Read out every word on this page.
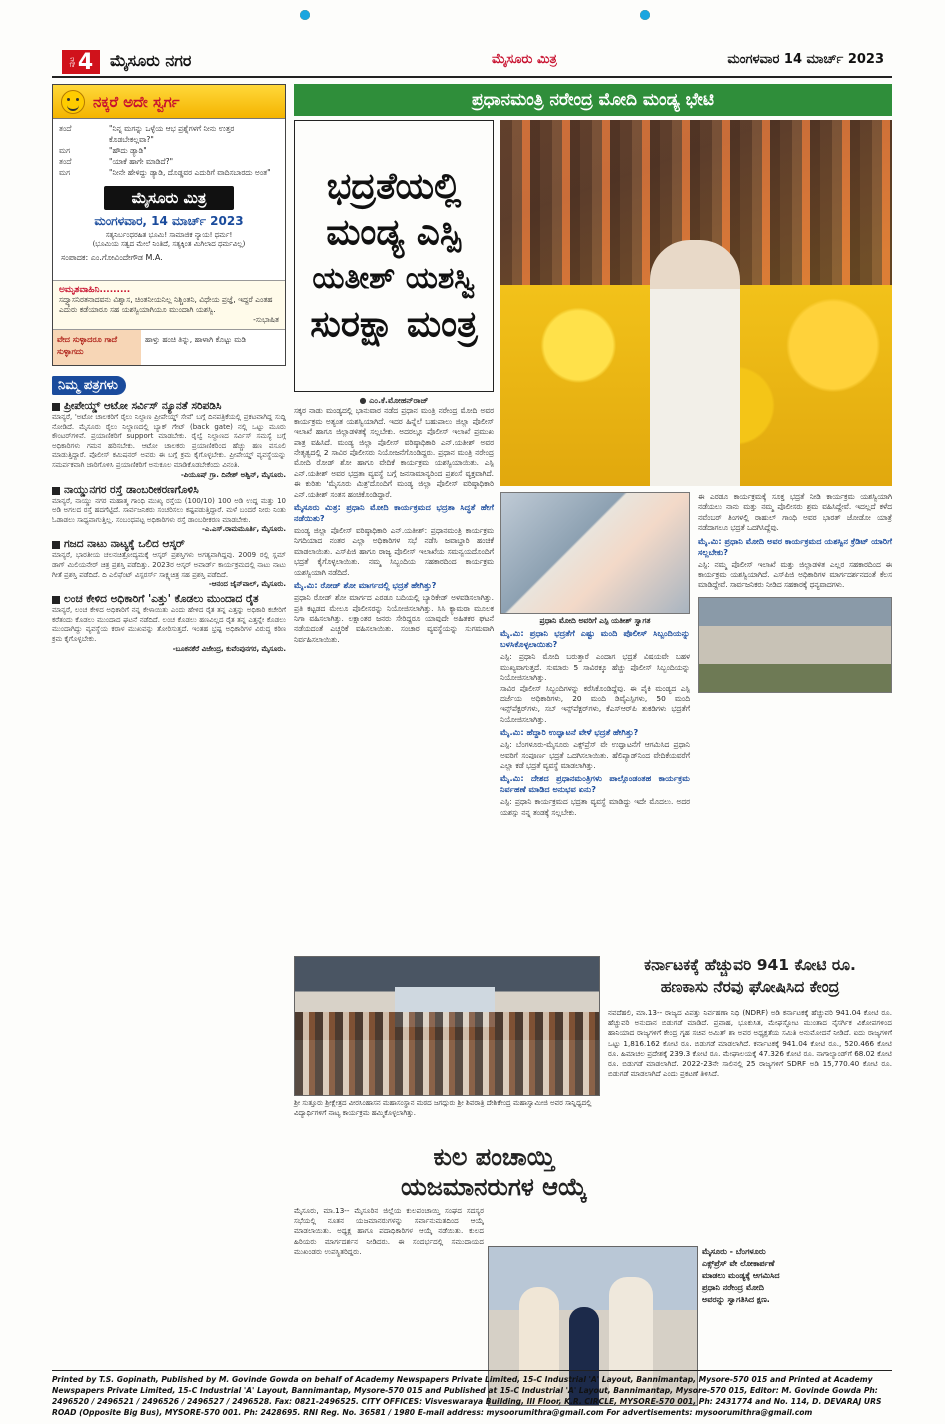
ಪುಟ 4 ಮೈಸೂರು ನಗರ	ಮೈಸೂರು ಮಿತ್ರ	ಮಂಗಳವಾರ 14 ಮಾರ್ಚ್ 2023
ನಕ್ಕರೆ ಅದೇ ಸ್ವರ್ಗ
ತಂದೆ	"ನಿನ್ನ ಮಗನ್ನು ಒಳ್ಳೆಯ ಆಭ ಪ್ರಶ್ನೆಗಳಗೆ ನೀನು ಉತ್ತರ ಕೊಡಬೇಕಲ್ಲವಾ?"
ಮಗ	"ಹೌದು ಡ್ಯಾಡಿ"
ತಂದೆ	"ಯಾಕೆ ಹಾಗೇ ಮಾಡಿದೆ?"
ಮಗ	"ನೀನೇ ಹೇಳಿದ್ದು ಡ್ಯಾಡಿ, ದೊಡ್ಡವರ ಎದುರಿಗೆ ವಾದಿಸಬಾರದು ಅಂತ"
ಮೈಸೂರು ಮಿತ್ರ
ಮಂಗಳವಾರ, 14 ಮಾರ್ಚ್ 2023
ಸತ್ಯನಿರ್ಬಂಧರಹಿತ ಭೂಮಿ! ಸಾಮಾಜಿಕ ನ್ಯಾಯ! ಧರ್ಮ!
(ಭೂಮಿಯ ಸತ್ವದ ಮೇಲೆ ನಿಂತಿದೆ, ಸತ್ಯಕ್ಕಿಂತ ಮಿಗಿಲಾದ ಧರ್ಮವಿಲ್ಲ)
ಸಂಪಾದಕ: ಎಂ.ಗೋವಿಂದೇಗೌಡ M.A.
ಅಮೃತವಾಹಿನಿ.........
ಸದ್ವ್ಯಾಸನಿರತನಾದವನು ವಿಶ್ವಾಸ, ಚಿಂತನೀಯನಿಲ್ಲ ನಿಶ್ಚಿಂತನಿ, ವಿಧೇಯ ಪ್ರಜ್ಞೆ, ಇದ್ದರೆ ಎಂತಹ ಎದುರು ಕಡೆಯಾರೂ ಸಹ ಯಶಸ್ವಿಯಾಗಿಯೂ ಮುಂದಾಗಿ ಯಶಸ್ವಿ.
-ಸುಭಾಷಿತ
ವೇದ ಸುಳ್ಳಾದರೂ ಗಾದೆ ಸುಳ್ಳಾಗದು
ಹಾಳ್ತು ಹಂಚಿ ತಿನ್ನು, ಹಾಳಾಗಿ ಕೊಟ್ಟು ಮಡಿ
ನಿಮ್ಮ ಪತ್ರಗಳು
ಪ್ರೀಪೇಯ್ಡ್ ಆಟೋ ಸರ್ವಿಸ್ ನ್ಯೂನತೆ ಸರಿಪಡಿಸಿ
ಮಾನ್ಯರೆ, 'ಅಟೋ ಚಾಲಕರಿಗೆ ರೈಲು ನಿಲ್ದಾಣ ಪ್ರೀಪೇಯ್ಡ್ ಸೇವೆ' ಬಗ್ಗೆ ದಿನಪತ್ರಿಕೆಯಲ್ಲಿ ಪ್ರಕಟವಾಗಿದ್ದ ಸುದ್ದಿ ನೋಡಿದೆ. ಮೈಸೂರು ರೈಲು ನಿಲ್ದಾಣದಲ್ಲಿ ಬ್ಯಾಕ್ ಗೇಟ್ (back gate) ನಲ್ಲಿ ಒಟ್ಟು ಮೂರು ಕೌಂಟರ್‌ಗಳಿವೆ. ಪ್ರಯಾಣಿಕರಿಗೆ support ಮಾಡಬೇಕು. ರೈಲ್ವೆ ನಿಲ್ದಾಣದ ಸರ್ವಿಸ್ ಸಮಸ್ಯೆ ಬಗ್ಗೆ ಅಧಿಕಾರಿಗಳು ಗಮನ ಹರಿಸಬೇಕು. ಆಟೋ ಚಾಲಕರು ಪ್ರಯಾಣಿಕರಿಂದ ಹೆಚ್ಚು ಹಣ ವಸೂಲಿ ಮಾಡುತ್ತಿದ್ದಾರೆ. ಪೊಲೀಸ್ ಕಮಿಷನರ್ ಅವರು ಈ ಬಗ್ಗೆ ಕ್ರಮ ಕೈಗೊಳ್ಳಬೇಕು. ಪ್ರೀಪೇಯ್ಡ್ ವ್ಯವಸ್ಥೆಯನ್ನು ಸಮರ್ಪಕವಾಗಿ ಜಾರಿಗೊಳಿಸಿ ಪ್ರಯಾಣಿಕರಿಗೆ ಅನುಕೂಲ ಮಾಡಿಕೊಡಬೇಕೆಂದು ವಿನಂತಿ.
-ಪಿಯೂಷ್ ಗ್ರಾ. ದಿನೇಶ್ ಅಶ್ವಿನ್, ಮೈಸೂರು.
ನಾಯ್ಡುನಗರ ರಸ್ತೆ ಡಾಂಬರೀಕರಣಗೊಳಿಸಿ
ಮಾನ್ಯರೆ, ನಾಯ್ಡು ನಗರ ಮಹಾತ್ಮ ಗಾಂಧಿ ಮುಖ್ಯ ರಸ್ತೆಯ (100/10) 100 ಅಡಿ ಉದ್ದ ಮತ್ತು 10 ಅಡಿ ಅಗಲದ ರಸ್ತೆ ಹದಗೆಟ್ಟಿದೆ. ಸಾರ್ವಜನಿಕರು ಸಂಚರಿಸಲು ಕಷ್ಟಪಡುತ್ತಿದ್ದಾರೆ. ಮಳೆ ಬಂದರೆ ನೀರು ನಿಂತು ಓಡಾಡಲು ಸಾಧ್ಯವಾಗುತ್ತಿಲ್ಲ. ಸಂಬಂಧಪಟ್ಟ ಅಧಿಕಾರಿಗಳು ರಸ್ತೆ ಡಾಂಬರೀಕರಣ ಮಾಡಬೇಕು.
-ಎ.ಎಸ್.ರಾಮಮೂರ್ತಿ, ಮೈಸೂರು.
ಗಜದ ನಾಟು ನಾಟ್ಯಕ್ಕೆ ಒಲಿದ ಆಸ್ಕರ್
ಮಾನ್ಯರೆ, ಭಾರತೀಯ ಚಲನಚಿತ್ರೋದ್ಯಮಕ್ಕೆ ಆಸ್ಕರ್ ಪ್ರಶಸ್ತಿಗಳು ಅಗತ್ಯವಾಗಿದ್ದವು. 2009 ರಲ್ಲಿ ಸ್ಲಮ್ ಡಾಗ್ ಮಿಲಿಯನೇರ್ ಚಿತ್ರ ಪ್ರಶಸ್ತಿ ಪಡೆದಿತ್ತು. 2023ರ ಆಸ್ಕರ್ ಅವಾರ್ಡ್ ಕಾರ್ಯಕ್ರಮದಲ್ಲಿ ನಾಟು ನಾಟು ಗೀತೆ ಪ್ರಶಸ್ತಿ ಪಡೆದಿದೆ. ದಿ ಎಲಿಫೆಂಟ್ ವಿಸ್ಪರರ್ಸ್ ಸಾಕ್ಷ್ಯಚಿತ್ರ ಸಹ ಪ್ರಶಸ್ತಿ ಪಡೆದಿದೆ.
-ಆನಂದ ಜೈನ್‌ವಾಲ್, ಮೈಸೂರು.
ಲಂಚ ಕೇಳಿದ ಅಧಿಕಾರಿಗೆ 'ಎತ್ತು' ಕೊಡಲು ಮುಂದಾದ ರೈತ
ಮಾನ್ಯರೆ, ಲಂಚ ಕೇಳಿದ ಅಧಿಕಾರಿಗೆ ನನ್ನ ಕೇಳಾಯಿತು ಎಂದು ಹೇಳಿದ ರೈತ ತನ್ನ ಎತ್ತನ್ನು ಅಧಿಕಾರಿ ಕಚೇರಿಗೆ ಕರೆತಂದು ಕೊಡಲು ಮುಂದಾದ ಘಟನೆ ನಡೆದಿದೆ. ಲಂಚ ಕೊಡಲು ಹಣವಿಲ್ಲದ ರೈತ ತನ್ನ ಎತ್ತನ್ನೇ ಕೊಡಲು ಮುಂದಾಗಿದ್ದು ವ್ಯವಸ್ಥೆಯ ಕರಾಳ ಮುಖವನ್ನು ತೋರಿಸುತ್ತದೆ. ಇಂತಹ ಭ್ರಷ್ಟ ಅಧಿಕಾರಿಗಳ ವಿರುದ್ಧ ಕಠಿಣ ಕ್ರಮ ಕೈಗೊಳ್ಳಬೇಕು.
-ಬೂಕನಕೆರೆ ವಿಜೇಂದ್ರ, ಕುವೆಂಪುನಗರ, ಮೈಸೂರು.
ಪ್ರಧಾನಮಂತ್ರಿ ನರೇಂದ್ರ ಮೋದಿ ಮಂಡ್ಯ ಭೇಟಿ
ಭದ್ರತೆಯಲ್ಲಿ
ಮಂಡ್ಯ ಎಸ್ಪಿ
ಯತೀಶ್ ಯಶಸ್ವಿ
ಸುರಕ್ಷಾ ಮಂತ್ರ
● ಎಂ.ಕೆ.ಮೋಹನ್‌ರಾಜ್
ಸಕ್ಕರ ನಾಡು ಮಂಡ್ಯದಲ್ಲಿ ಭಾನುವಾರ ನಡೆದ ಪ್ರಧಾನ ಮಂತ್ರಿ ನರೇಂದ್ರ ಮೋದಿ ಅವರ ಕಾರ್ಯಕ್ರಮ ಅತ್ಯಂತ ಯಶಸ್ವಿಯಾಗಿದೆ. ಇದರ ಹಿನ್ನೆಲೆ ಬಹುಪಾಲು ಜಿಲ್ಲಾ ಪೊಲೀಸ್ ಇಲಾಖೆ ಹಾಗೂ ಜಿಲ್ಲಾಡಳಿತಕ್ಕೆ ಸಲ್ಲಬೇಕು. ಅದರಲ್ಲೂ ಪೊಲೀಸ್ ಇಲಾಖೆ ಪ್ರಮುಖ ಪಾತ್ರ ವಹಿಸಿದೆ. ಮಂಡ್ಯ ಜಿಲ್ಲಾ ಪೊಲೀಸ್ ವರಿಷ್ಠಾಧಿಕಾರಿ ಎನ್.ಯತೀಶ್ ಅವರ ನೇತೃತ್ವದಲ್ಲಿ 2 ಸಾವಿರ ಪೊಲೀಸರು ನಿಯೋಜನೆಗೊಂಡಿದ್ದರು. ಪ್ರಧಾನ ಮಂತ್ರಿ ನರೇಂದ್ರ ಮೋದಿ ರೋಡ್ ಶೋ ಹಾಗೂ ವೇದಿಕೆ ಕಾರ್ಯಕ್ರಮ ಯಶಸ್ವಿಯಾಯಿತು. ಎಸ್ಪಿ ಎನ್.ಯತೀಶ್ ಅವರ ಭದ್ರತಾ ವ್ಯವಸ್ಥೆ ಬಗ್ಗೆ ಜನಸಾಮಾನ್ಯರಿಂದ ಪ್ರಶಂಸೆ ವ್ಯಕ್ತವಾಗಿದೆ. ಈ ಕುರಿತು 'ಮೈಸೂರು ಮಿತ್ರ'ದೊಂದಿಗೆ ಮಂಡ್ಯ ಜಿಲ್ಲಾ ಪೊಲೀಸ್ ವರಿಷ್ಠಾಧಿಕಾರಿ ಎನ್.ಯತೀಶ್ ಸಂತಸ ಹಂಚಿಕೊಂಡಿದ್ದಾರೆ.
ಮೈಸೂರು ಮಿತ್ರ: ಪ್ರಧಾನಿ ಮೋದಿ ಕಾರ್ಯಕ್ರಮದ ಭದ್ರತಾ ಸಿದ್ಧತೆ ಹೇಗೆ ನಡೆಯಿತು?
ಮಂಡ್ಯ ಜಿಲ್ಲಾ ಪೊಲೀಸ್ ವರಿಷ್ಠಾಧಿಕಾರಿ ಎನ್.ಯತೀಶ್: ಪ್ರಧಾನಮಂತ್ರಿ ಕಾರ್ಯಕ್ರಮ ನಿಗದಿಯಾದ ನಂತರ ಎಲ್ಲಾ ಅಧಿಕಾರಿಗಳ ಸಭೆ ನಡೆಸಿ ಜವಾಬ್ದಾರಿ ಹಂಚಿಕೆ ಮಾಡಲಾಯಿತು. ಎಸ್‌ಪಿಜಿ ಹಾಗೂ ರಾಜ್ಯ ಪೊಲೀಸ್ ಇಲಾಖೆಯ ಸಮನ್ವಯದೊಂದಿಗೆ ಭದ್ರತೆ ಕೈಗೊಳ್ಳಲಾಯಿತು. ನಮ್ಮ ಸಿಬ್ಬಂದಿಯ ಸಹಕಾರದಿಂದ ಕಾರ್ಯಕ್ರಮ ಯಶಸ್ವಿಯಾಗಿ ನಡೆದಿದೆ.
ಮೈ.ಮಿ: ರೋಡ್ ಶೋ ಮಾರ್ಗದಲ್ಲಿ ಭದ್ರತೆ ಹೇಗಿತ್ತು?
ಪ್ರಧಾನಿ ರೋಡ್ ಶೋ ಮಾರ್ಗದ ಎರಡೂ ಬದಿಯಲ್ಲಿ ಬ್ಯಾರಿಕೇಡ್ ಅಳವಡಿಸಲಾಗಿತ್ತು. ಪ್ರತಿ ಕಟ್ಟಡದ ಮೇಲೂ ಪೊಲೀಸರನ್ನು ನಿಯೋಜಿಸಲಾಗಿತ್ತು. ಸಿಸಿ ಕ್ಯಾಮರಾ ಮೂಲಕ ನಿಗಾ ವಹಿಸಲಾಗಿತ್ತು. ಲಕ್ಷಾಂತರ ಜನರು ಸೇರಿದ್ದರೂ ಯಾವುದೇ ಅಹಿತಕರ ಘಟನೆ ನಡೆಯದಂತೆ ಎಚ್ಚರಿಕೆ ವಹಿಸಲಾಯಿತು. ಸಂಚಾರ ವ್ಯವಸ್ಥೆಯನ್ನು ಸುಗಮವಾಗಿ ನಿರ್ವಹಿಸಲಾಯಿತು.
ಪ್ರಧಾನಿ ಮೋದಿ ಅವರಿಗೆ ಎಸ್ಪಿ ಯತೀಶ್ ಸ್ವಾಗತ
ಮೈ.ಮಿ: ಪ್ರಧಾನಿ ಭದ್ರತೆಗೆ ಎಷ್ಟು ಮಂದಿ ಪೊಲೀಸ್ ಸಿಬ್ಬಂದಿಯನ್ನು ಬಳಸಿಕೊಳ್ಳಲಾಯಿತು?
ಎಸ್ಪಿ: ಪ್ರಧಾನಿ ಮೋದಿ ಬರುತ್ತಾರೆ ಎಂದಾಗ ಭದ್ರತೆ ವಿಷಯವೇ ಬಹಳ ಮುಖ್ಯವಾಗುತ್ತದೆ. ಸುಮಾರು 5 ಸಾವಿರಕ್ಕೂ ಹೆಚ್ಚು ಪೊಲೀಸ್ ಸಿಬ್ಬಂದಿಯನ್ನು ನಿಯೋಜಿಸಲಾಗಿತ್ತು.
ಸಾವಿರ ಪೊಲೀಸ್ ಸಿಬ್ಬಂದಿಗಳನ್ನು ಕರೆಸಿಕೊಂಡಿದ್ದೆವು. ಈ ಪೈಕಿ ಮಂಡ್ಯದ ಎಸ್ಪಿ ದರ್ಜೆಯ ಅಧಿಕಾರಿಗಳು, 20 ಮಂದಿ ಡಿವೈಎಸ್ಪಿಗಳು, 50 ಮಂದಿ ಇನ್ಸ್‌ಪೆಕ್ಟರ್‌ಗಳು, ಸಬ್ ಇನ್ಸ್‌ಪೆಕ್ಟರ್‌ಗಳು, ಕೆಎಸ್‌ಆರ್‌ಪಿ ತುಕಡಿಗಳು ಭದ್ರತೆಗೆ ನಿಯೋಜಿಸಲಾಗಿತ್ತು.
ಮೈ.ಮಿ: ಹೆದ್ದಾರಿ ಉದ್ಘಾಟನೆ ವೇಳೆ ಭದ್ರತೆ ಹೇಗಿತ್ತು?
ಎಸ್ಪಿ: ಬೆಂಗಳೂರು-ಮೈಸೂರು ಎಕ್ಸ್‌ಪ್ರೆಸ್ ವೇ ಉದ್ಘಾಟನೆಗೆ ಆಗಮಿಸಿದ ಪ್ರಧಾನಿ ಅವರಿಗೆ ಸಂಪೂರ್ಣ ಭದ್ರತೆ ಒದಗಿಸಲಾಯಿತು. ಹೆಲಿಪ್ಯಾಡ್‌ನಿಂದ ವೇದಿಕೆಯವರೆಗೆ ಎಲ್ಲಾ ಕಡೆ ಭದ್ರತೆ ವ್ಯವಸ್ಥೆ ಮಾಡಲಾಗಿತ್ತು.
ಮೈ.ಮಿ: ದೇಶದ ಪ್ರಧಾನಮಂತ್ರಿಗಳು ಪಾಲ್ಗೊಂಡಂತಹ ಕಾರ್ಯಕ್ರಮ ನಿರ್ವಹಣೆ ಮಾಡಿದ ಅನುಭವ ಏನು?
ಎಸ್ಪಿ: ಪ್ರಧಾನಿ ಕಾರ್ಯಕ್ರಮದ ಭದ್ರತಾ ವ್ಯವಸ್ಥೆ ಮಾಡಿದ್ದು ಇದೇ ಮೊದಲು. ಅದರ ಯಶಸ್ಸು ನನ್ನ ತಂಡಕ್ಕೆ ಸಲ್ಲಬೇಕು.
ಈ ಎರಡೂ ಕಾರ್ಯಕ್ರಮಕ್ಕೆ ಸೂಕ್ತ ಭದ್ರತೆ ನೀಡಿ ಕಾರ್ಯಕ್ರಮ ಯಶಸ್ವಿಯಾಗಿ ನಡೆಯಲು ನಾನು ಮತ್ತು ನಮ್ಮ ಪೊಲೀಸರು ಶ್ರಮ ವಹಿಸಿದ್ದೇವೆ. ಇದಲ್ಲದೆ ಕಳೆದ ನವೆಂಬರ್ ತಿಂಗಳಲ್ಲಿ ರಾಹುಲ್ ಗಾಂಧಿ ಅವರ ಭಾರತ್ ಜೋಡೋ ಯಾತ್ರೆ ನಡೆದಾಗಲೂ ಭದ್ರತೆ ಒದಗಿಸಿದ್ದೆವು.
ಮೈ.ಮಿ: ಪ್ರಧಾನಿ ಮೋದಿ ಅವರ ಕಾರ್ಯಕ್ರಮದ ಯಶಸ್ವಿನ ಕ್ರೆಡಿಟ್ ಯಾರಿಗೆ ಸಲ್ಲಬೇಕು?
ಎಸ್ಪಿ: ನಮ್ಮ ಪೊಲೀಸ್ ಇಲಾಖೆ ಮತ್ತು ಜಿಲ್ಲಾಡಳಿತ ಎಲ್ಲರ ಸಹಕಾರದಿಂದ ಈ ಕಾರ್ಯಕ್ರಮ ಯಶಸ್ವಿಯಾಗಿದೆ. ಎಸ್‌ಪಿಜಿ ಅಧಿಕಾರಿಗಳ ಮಾರ್ಗದರ್ಶನದಂತೆ ಕೆಲಸ ಮಾಡಿದ್ದೇವೆ. ಸಾರ್ವಜನಿಕರು ನೀಡಿದ ಸಹಕಾರಕ್ಕೆ ಧನ್ಯವಾದಗಳು.
ಶ್ರೀ ಸುತ್ತೂರು ಶ್ರೀಕ್ಷೇತ್ರದ ವೀರಸಿಂಹಾಸನ ಮಹಾಸಂಸ್ಥಾನ ಮಠದ ಜಗದ್ಗುರು ಶ್ರೀ ಶಿವರಾತ್ರಿ ದೇಶಿಕೇಂದ್ರ ಮಹಾಸ್ವಾಮೀಜಿ ಅವರ ಸಾನ್ನಿಧ್ಯದಲ್ಲಿ ವಿದ್ಯಾರ್ಥಿಗಳಿಗೆ ನಾಟ್ಯ ಕಾರ್ಯಕ್ರಮ ಹಮ್ಮಿಕೊಳ್ಳಲಾಗಿತ್ತು.
ಕುಲ ಪಂಚಾಯ್ತಿ
ಯಜಮಾನರುಗಳ ಆಯ್ಕೆ
ಮೈಸೂರು, ಮಾ.13-- ಮೈಸೂರಿನ ಜಿಲ್ಲೆಯ ಕುಲಪಂಚಾಯ್ತಿ ಸಂಘದ ಸದಸ್ಯರ ಸಭೆಯಲ್ಲಿ ನೂತನ ಯಜಮಾನರುಗಳನ್ನು ಸರ್ವಾನುಮತದಿಂದ ಆಯ್ಕೆ ಮಾಡಲಾಯಿತು. ಅಧ್ಯಕ್ಷ ಹಾಗೂ ಪದಾಧಿಕಾರಿಗಳ ಆಯ್ಕೆ ನಡೆಯಿತು. ಕುಲದ ಹಿರಿಯರು ಮಾರ್ಗದರ್ಶನ ನೀಡಿದರು. ಈ ಸಂದರ್ಭದಲ್ಲಿ ಸಮುದಾಯದ ಮುಖಂಡರು ಉಪಸ್ಥಿತರಿದ್ದರು.
ಕರ್ನಾಟಕಕ್ಕೆ ಹೆಚ್ಚುವರಿ 941 ಕೋಟಿ ರೂ.
ಹಣಕಾಸು ನೆರವು ಘೋಷಿಸಿದ ಕೇಂದ್ರ
ನವದೆಹಲಿ, ಮಾ.13-- ರಾಜ್ಯದ ವಿಪತ್ತು ನಿರ್ವಹಣಾ ನಿಧಿ (NDRF) ಅಡಿ ಕರ್ನಾಟಕಕ್ಕೆ ಹೆಚ್ಚುವರಿ 941.04 ಕೋಟಿ ರೂ. ಹೆಚ್ಚುವರಿ ಅನುದಾನ ಬಿಡುಗಡೆ ಮಾಡಿದೆ. ಪ್ರವಾಹ, ಭೂಕುಸಿತ, ಮೇಘಸ್ಫೋಟ ಮುಂತಾದ ನೈಸರ್ಗಿಕ ವಿಕೋಪಗಳಿಂದ ಹಾನಿಯಾದ ರಾಜ್ಯಗಳಿಗೆ ಕೇಂದ್ರ ಗೃಹ ಸಚಿವ ಅಮಿತ್ ಶಾ ಅವರ ಅಧ್ಯಕ್ಷತೆಯ ಸಮಿತಿ ಅನುಮೋದನೆ ನೀಡಿದೆ. ಐದು ರಾಜ್ಯಗಳಿಗೆ ಒಟ್ಟು 1,816.162 ಕೋಟಿ ರೂ. ಬಿಡುಗಡೆ ಮಾಡಲಾಗಿದೆ. ಕರ್ನಾಟಕಕ್ಕೆ 941.04 ಕೋಟಿ ರೂ., 520.466 ಕೋಟಿ ರೂ. ಹಿಮಾಚಲ ಪ್ರದೇಶಕ್ಕೆ 239.3 ಕೋಟಿ ರೂ. ಮೇಘಾಲಯಕ್ಕೆ 47.326 ಕೋಟಿ ರೂ. ನಾಗಾಲ್ಯಾಂಡ್‌ಗೆ 68.02 ಕೋಟಿ ರೂ. ಬಿಡುಗಡೆ ಮಾಡಲಾಗಿದೆ. 2022-23ನೇ ಸಾಲಿನಲ್ಲಿ 25 ರಾಜ್ಯಗಳಿಗೆ SDRF ಅಡಿ 15,770.40 ಕೋಟಿ ರೂ. ಬಿಡುಗಡೆ ಮಾಡಲಾಗಿದೆ ಎಂದು ಪ್ರಕಟಣೆ ತಿಳಿಸಿದೆ.
ಮೈಸೂರು - ಬೆಂಗಳೂರು ಎಕ್ಸ್‌ಪ್ರೆಸ್ ವೇ ಲೋಕಾರ್ಪಣೆ ಮಾಡಲು ಮಂಡ್ಯಕ್ಕೆ ಆಗಮಿಸಿದ ಪ್ರಧಾನಿ ನರೇಂದ್ರ ಮೋದಿ ಅವರನ್ನು ಸ್ವಾಗತಿಸಿದ ಕ್ಷಣ.
Printed by T.S. Gopinath, Published by M. Govinde Gowda on behalf of Academy Newspapers Private Limited, 15-C Industrial 'A' Layout, Bannimantap, Mysore-570 015 and Printed at Academy Newspapers Private Limited, 15-C Industrial 'A' Layout, Bannimantap, Mysore-570 015 and Published at 15-C Industrial 'A' Layout, Bannimantap, Mysore-570 015, Editor: M. Govinde Gowda Ph: 2496520 / 2496521 / 2496526 / 2496527 / 2496528. Fax: 0821-2496525. CITY OFFICES: Visveswaraya Building, III Floor, K.R. CIRCLE, MYSORE-570 001, Ph: 2431774 and No. 114, D. DEVARAJ URS ROAD (Opposite Big Bus), MYSORE-570 001. Ph: 2428695. RNI Reg. No. 36581 / 1980 E-mail address: mysoorumithra@gmail.com For advertisements: mysoorumithra@gmail.com
